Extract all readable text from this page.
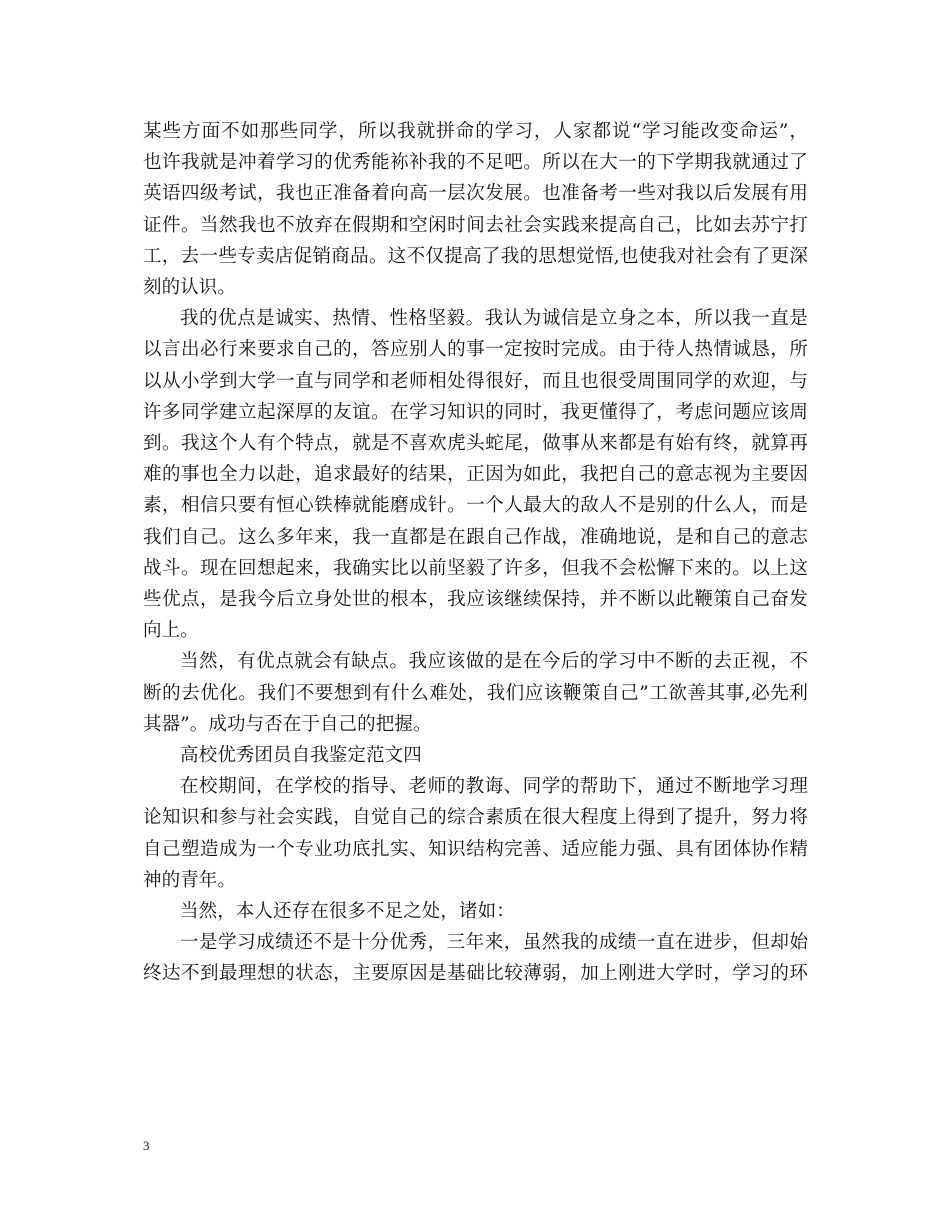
某些方面不如那些同学，所以我就拼命的学习，人家都说“学习能改变命运”，
也许我就是冲着学习的优秀能袮补我的不足吧。所以在大一的下学期我就通过了
英语四级考试，我也正准备着向高一层次发展。也准备考一些对我以后发展有用
证件。当然我也不放弃在假期和空闲时间去社会实践来提高自己，比如去苏宁打
工，去一些专卖店促销商品。这不仅提高了我的思想觉悟,也使我对社会有了更深
刻的认识。

我的优点是诚实、热情、性格坚毅。我认为诚信是立身之本，所以我一直是
以言出必行来要求自己的，答应别人的事一定按时完成。由于待人热情诚恳，所
以从小学到大学一直与同学和老师相处得很好，而且也很受周围同学的欢迎，与
许多同学建立起深厚的友谊。在学习知识的同时，我更懂得了，考虑问题应该周
到。我这个人有个特点，就是不喜欢虎头蛇尾，做事从来都是有始有终，就算再
难的事也全力以赴，追求最好的结果，正因为如此，我把自己的意志视为主要因
素，相信只要有恒心铁棒就能磨成针。一个人最大的敌人不是别的什么人，而是
我们自己。这么多年来，我一直都是在跟自己作战，准确地说，是和自己的意志
战斗。现在回想起来，我确实比以前坚毅了许多，但我不会松懈下来的。以上这
些优点，是我今后立身处世的根本，我应该继续保持，并不断以此鞭策自己奋发
向上。

当然，有优点就会有缺点。我应该做的是在今后的学习中不断的去正视，不
断的去优化。我们不要想到有什么难处，我们应该鞭策自己”工欲善其事,必先利
其器”。成功与否在于自己的把握。

高校优秀团员自我鉴定范文四

在校期间，在学校的指导、老师的教诲、同学的帮助下，通过不断地学习理
论知识和参与社会实践，自觉自己的综合素质在很大程度上得到了提升，努力将
自己塑造成为一个专业功底扎实、知识结构完善、适应能力强、具有团体协作精
神的青年。

当然，本人还存在很多不足之处，诸如：

一是学习成绩还不是十分优秀，三年来，虽然我的成绩一直在进步，但却始
终达不到最理想的状态，主要原因是基础比较薄弱，加上刚进大学时，学习的环

3
